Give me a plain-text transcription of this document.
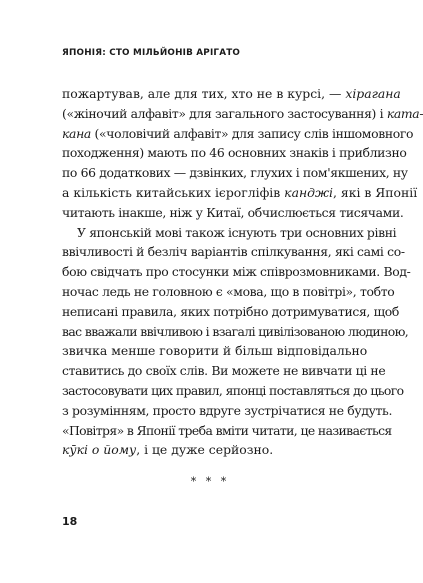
ЯПОНІЯ: СТО МІЛЬЙОНІВ АРІГАТО
пожартував, але для тих, хто не в курсі, — хірагана
(«жіночий алфавіт» для загального застосування) і ката-
кана («чоловічий алфавіт» для запису слів іншомовного
походження) мають по 46 основних знаків і приблизно
по 66 додаткових — дзвінких, глухих і пом'якшених, ну
а кількість китайських ієрогліфів канджі, які в Японії
читають інакше, ніж у Китаї, обчислюється тисячами.
У японській мові також існують три основних рівні
ввічливості й безліч варіантів спілкування, які самі со-
бою свідчать про стосунки між співрозмовниками. Вод-
ночас ледь не головною є «мова, що в повітрі», тобто
неписані правила, яких потрібно дотримуватися, щоб
вас вважали ввічливою і взагалі цивілізованою людиною,
звичка менше говорити й більш відповідально
ставитись до своїх слів. Ви можете не вивчати ці не
застосовувати цих правил, японці поставляться до цього
з розумінням, просто вдруге зустрічатися не будуть.
«Повітря» в Японії треба вміти читати, це називається
кӯкі о йому, і це дуже серйозно.
* * *
18
